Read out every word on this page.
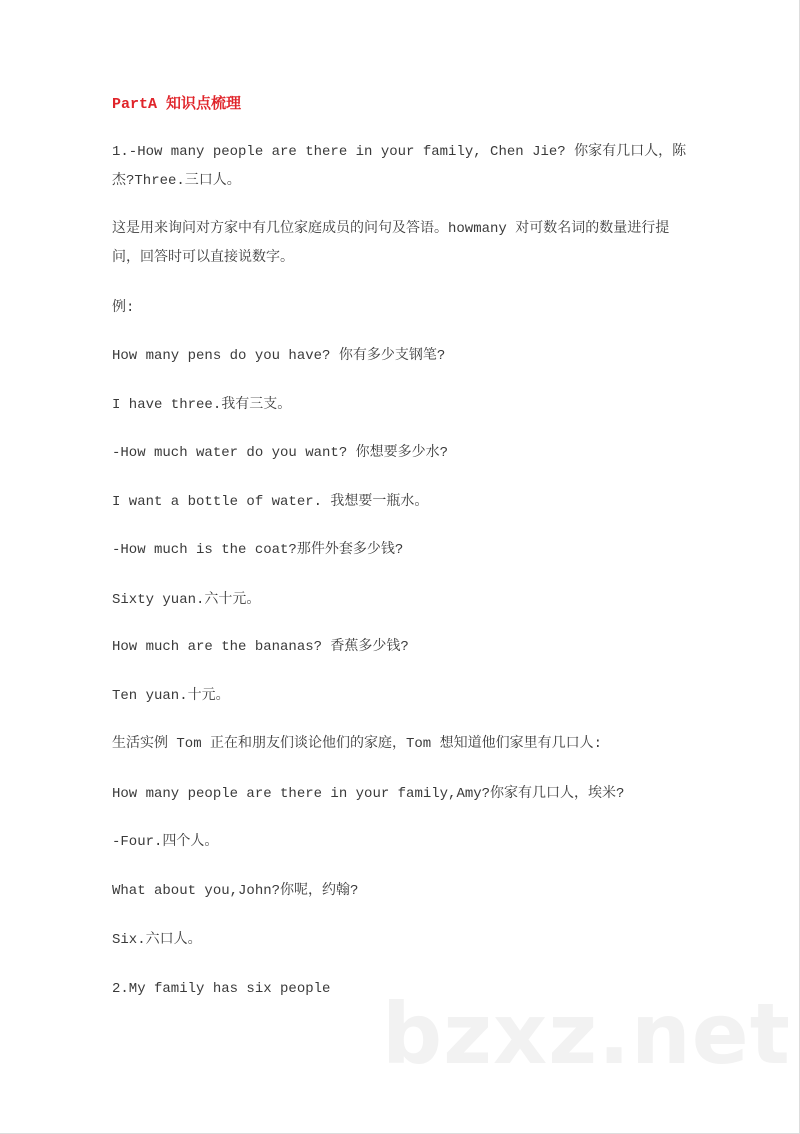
PartA 知识点梳理
1.-How many people are there in your family, Chen Jie? 你家有几口人，陈杰?Three.三口人。
这是用来询问对方家中有几位家庭成员的问句及答语。howmany 对可数名词的数量进行提问，回答时可以直接说数字。
例:
How many pens do you have? 你有多少支钢笔?
I have three.我有三支。
-How much water do you want? 你想要多少水?
I want a bottle of water. 我想要一瓶水。
-How much is the coat?那件外套多少钱?
Sixty yuan.六十元。
How much are the bananas? 香蕉多少钱?
Ten yuan.十元。
生活实例 Tom 正在和朋友们谈论他们的家庭，Tom 想知道他们家里有几口人:
How many people are there in your family,Amy?你家有几口人，埃米?
-Four.四个人。
What about you,John?你呢，约翰?
Six.六口人。
2.My family has six people bzxz.net
